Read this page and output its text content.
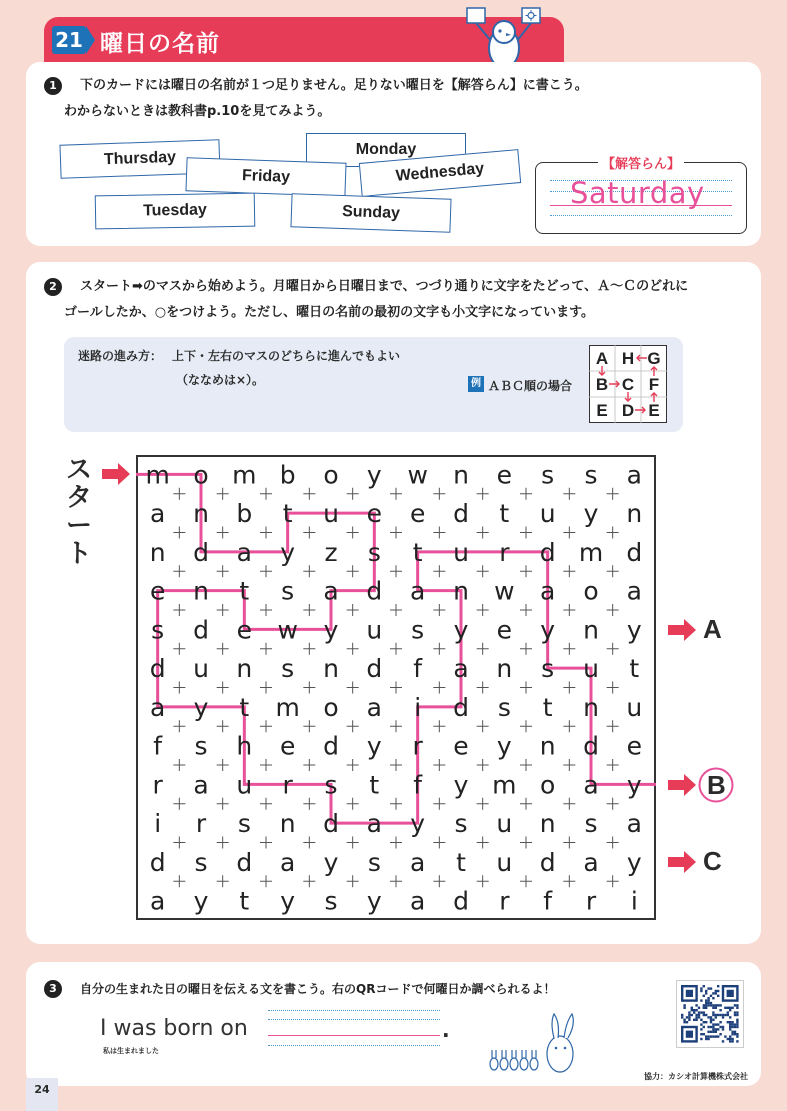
21 曜日の名前
1	下のカードには曜日の名前が１つ足りません。足りない曜日を【解答らん】に書こう。
わからないときは教科書p.10を見てみよう。
Thursday	Monday
Friday	Wednesday
Tuesday	Sunday
【解答らん】
Saturday
2	スタート➡のマスから始めよう。月曜日から日曜日まで、つづり通りに文字をたどって、Ａ～Ｃのどれに
ゴールしたか、○をつけよう。ただし、曜日の名前の最初の文字も小文字になっています。
迷路の進み方： 上下・左右のマスのどちらに進んでもよい
（ななめは×）。	例 ＡＢＣ順の場合
A H G
B C F
E D E
ス
タ
ー
ト
m o m b o y w n e s s a
a n b t u e e d t u y n
n d a y z s t u r d m d
e n t s a d a n w a o a
s d e w y u s y e y n y
d u n s n d f a n s u t
a y t m o a i d s t n u
f s h e d y r e y n d e
r a u r s t f y m o a y
i r s n d a y s u n s a
d s d a y s a t u d a y
a y t y s y a d r f r i
A
B
C
3	自分の生まれた日の曜日を伝える文を書こう。右のQRコードで何曜日か調べられるよ！
I was born on
私は生まれました
.
協力：カシオ計算機株式会社
24
